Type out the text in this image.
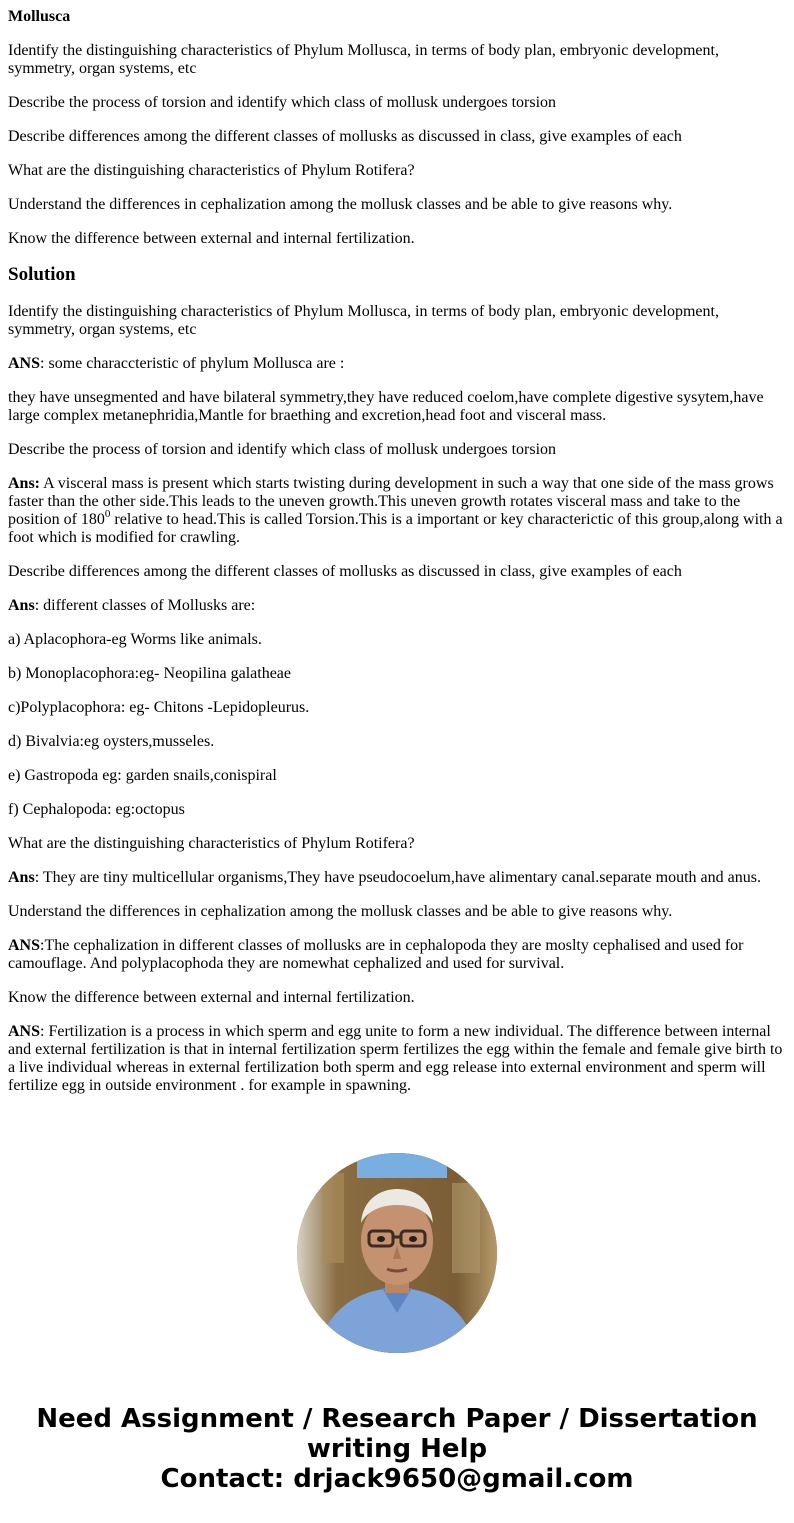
Mollusca

Identify the distinguishing characteristics of Phylum Mollusca, in terms of body plan, embryonic development, symmetry, organ systems, etc

Describe the process of torsion and identify which class of mollusk undergoes torsion

Describe differences among the different classes of mollusks as discussed in class, give examples of each

What are the distinguishing characteristics of Phylum Rotifera?

Understand the differences in cephalization among the mollusk classes and be able to give reasons why.

Know the difference between external and internal fertilization.

Solution

Identify the distinguishing characteristics of Phylum Mollusca, in terms of body plan, embryonic development, symmetry, organ systems, etc

ANS: some characcteristic of phylum Mollusca are :

they have unsegmented and have bilateral symmetry,they have reduced coelom,have complete digestive sysytem,have large complex metanephridia,Mantle for braething and excretion,head foot and visceral mass.

Describe the process of torsion and identify which class of mollusk undergoes torsion

Ans: A visceral mass is present which starts twisting during development in such a way that one side of the mass grows faster than the other side.This leads to the uneven growth.This uneven growth rotates visceral mass and take to the position of $180^0$ relative to head.This is called Torsion.This is a important or key characterictic of this group,along with a foot which is modified for crawling.

Describe differences among the different classes of mollusks as discussed in class, give examples of each

Ans: different classes of Mollusks are:

a) Aplacophora-eg Worms like animals.

b) Monoplacophora:eg- Neopilina galatheae

c)Polyplacophora: eg- Chitons -Lepidopleurus.

d) Bivalvia:eg oysters,musseles.

e) Gastropoda eg: garden snails,conispiral

f) Cephalopoda: eg:octopus

What are the distinguishing characteristics of Phylum Rotifera?

Ans: They are tiny multicellular organisms,They have pseudocoelum,have alimentary canal.separate mouth and anus.

Understand the differences in cephalization among the mollusk classes and be able to give reasons why.

ANS:The cephalization in different classes of mollusks are in cephalopoda they are moslty cephalised and used for camouflage. And polyplacophoda they are nomewhat cephalized and used for survival.

Know the difference between external and internal fertilization.

ANS: Fertilization is a process in which sperm and egg unite to form a new individual. The difference between internal and external fertilization is that in internal fertilization sperm fertilizes the egg within the female and female give birth to a live individual whereas in external fertilization both sperm and egg release into external environment and sperm will fertilize egg in outside environment . for example in spawning.

Need Assignment / Research Paper / Dissertation
writing Help
Contact: drjack9650@gmail.com
